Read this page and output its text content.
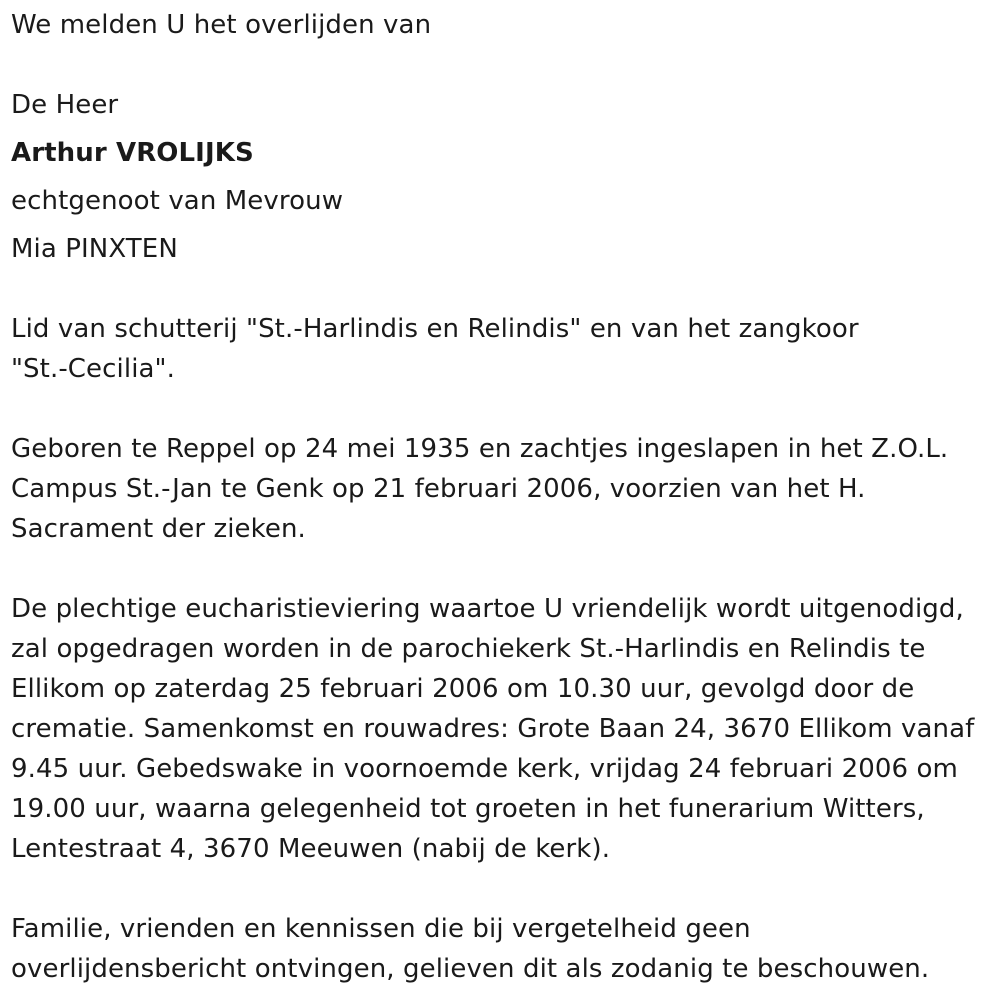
We melden U het overlijden van
De Heer
Arthur VROLIJKS
echtgenoot van Mevrouw
Mia PINXTEN
Lid van schutterij "St.-Harlindis en Relindis" en van het zangkoor
"St.-Cecilia".
Geboren te Reppel op 24 mei 1935 en zachtjes ingeslapen in het Z.O.L.
Campus St.-Jan te Genk op 21 februari 2006, voorzien van het H.
Sacrament der zieken.
De plechtige eucharistieviering waartoe U vriendelijk wordt uitgenodigd,
zal opgedragen worden in de parochiekerk St.-Harlindis en Relindis te
Ellikom op zaterdag 25 februari 2006 om 10.30 uur, gevolgd door de
crematie. Samenkomst en rouwadres: Grote Baan 24, 3670 Ellikom vanaf
9.45 uur. Gebedswake in voornoemde kerk, vrijdag 24 februari 2006 om
19.00 uur, waarna gelegenheid tot groeten in het funerarium Witters,
Lentestraat 4, 3670 Meeuwen (nabij de kerk).
Familie, vrienden en kennissen die bij vergetelheid geen
overlijdensbericht ontvingen, gelieven dit als zodanig te beschouwen.
